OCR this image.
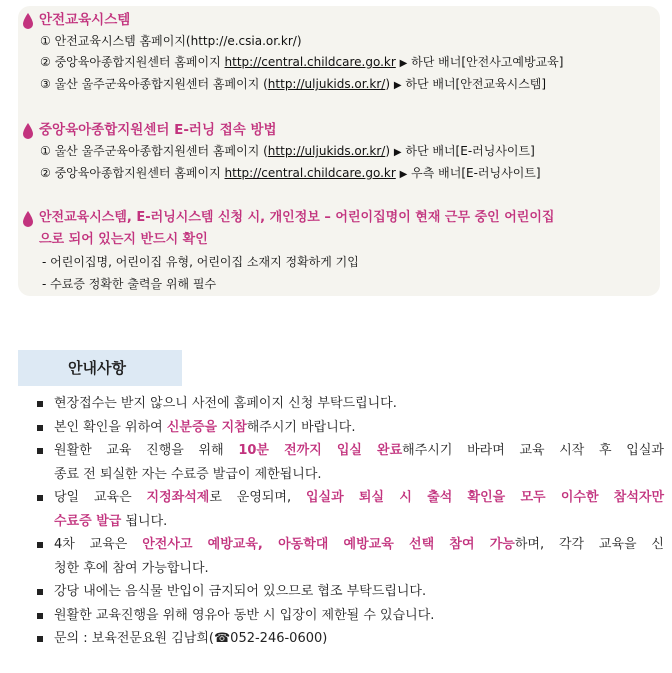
안전교육시스템
① 안전교육시스템 홈페이지(http://e.csia.or.kr/)
② 중앙육아종합지원센터 홈페이지 http://central.childcare.go.kr ▶ 하단 배너[안전사고예방교육]
③ 울산 울주군육아종합지원센터 홈페이지 (http://uljukids.or.kr/) ▶ 하단 배너[안전교육시스템]
중앙육아종합지원센터 E-러닝 접속 방법
① 울산 울주군육아종합지원센터 홈페이지 (http://uljukids.or.kr/) ▶ 하단 배너[E-러닝사이트]
② 중앙육아종합지원센터 홈페이지 http://central.childcare.go.kr ▶ 우측 배너[E-러닝사이트]
안전교육시스템, E-러닝시스템 신청 시, 개인정보 – 어린이집명이 현재 근무 중인 어린이집
으로 되어 있는지 반드시 확인
- 어린이집명, 어린이집 유형, 어린이집 소재지 정확하게 기입
- 수료증 정확한 출력을 위해 필수
안내사항
현장접수는 받지 않으니 사전에 홈페이지 신청 부탁드립니다.
본인 확인을 위하여 신분증을 지참해주시기 바랍니다.
원활한 교육 진행을 위해 10분 전까지 입실 완료해주시기 바라며 교육 시작 후 입실과
종료 전 퇴실한 자는 수료증 발급이 제한됩니다.
당일 교육은 지정좌석제로 운영되며, 입실과 퇴실 시 출석 확인을 모두 이수한 참석자만
수료증 발급 됩니다.
4차 교육은 안전사고 예방교육, 아동학대 예방교육 선택 참여 가능하며, 각각 교육을 신
청한 후에 참여 가능합니다.
강당 내에는 음식물 반입이 금지되어 있으므로 협조 부탁드립니다.
원활한 교육진행을 위해 영유아 동반 시 입장이 제한될 수 있습니다.
문의 : 보육전문요원 김남희(☎052-246-0600)
